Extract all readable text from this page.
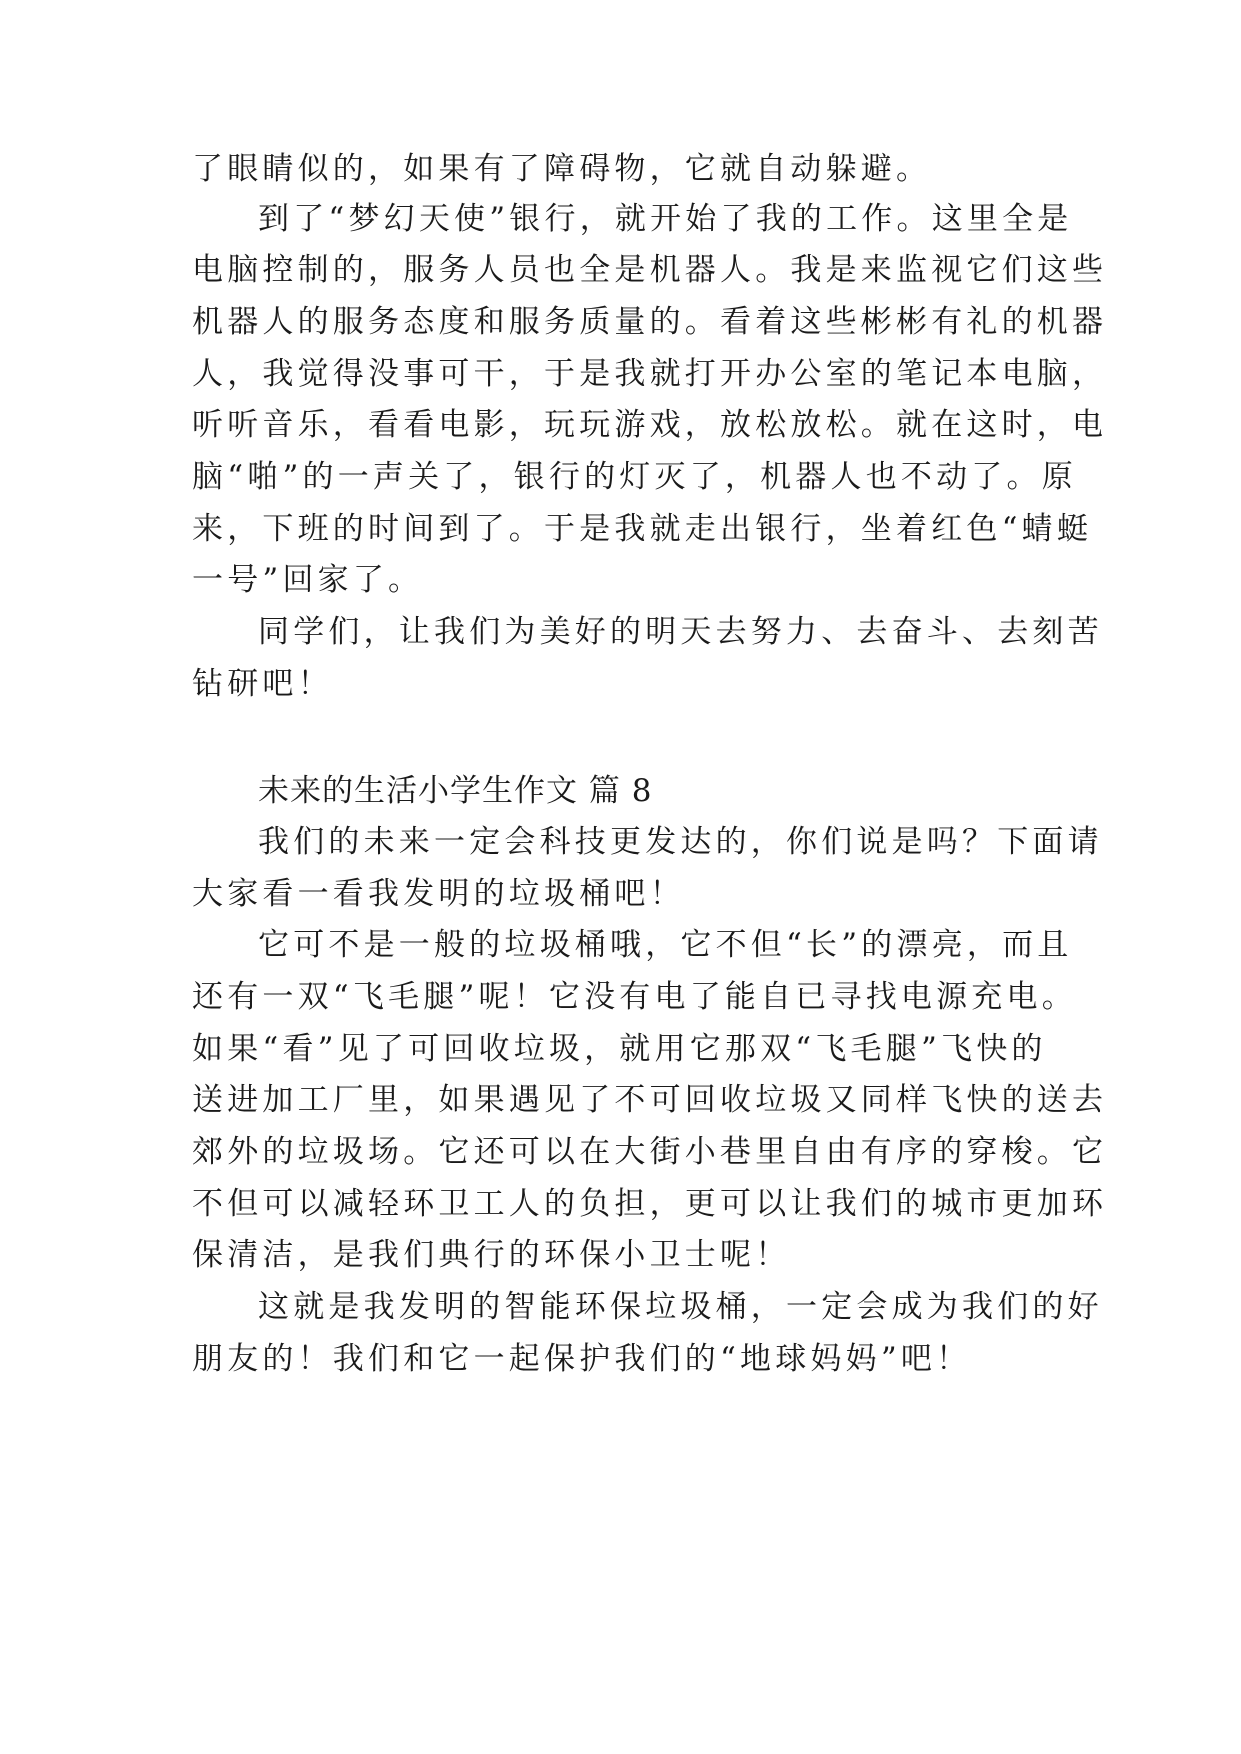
了眼睛似的，如果有了障碍物，它就自动躲避。
到了“梦幻天使”银行，就开始了我的工作。这里全是
电脑控制的，服务人员也全是机器人。我是来监视它们这些
机器人的服务态度和服务质量的。看着这些彬彬有礼的机器
人，我觉得没事可干，于是我就打开办公室的笔记本电脑，
听听音乐，看看电影，玩玩游戏，放松放松。就在这时，电
脑“啪”的一声关了，银行的灯灭了，机器人也不动了。原
来，下班的时间到了。于是我就走出银行，坐着红色“蜻蜓
一号”回家了。
同学们，让我们为美好的明天去努力、去奋斗、去刻苦
钻研吧！
未来的生活小学生作文 篇 8
我们的未来一定会科技更发达的，你们说是吗？下面请
大家看一看我发明的垃圾桶吧！
它可不是一般的垃圾桶哦，它不但“长”的漂亮，而且
还有一双“飞毛腿”呢！它没有电了能自已寻找电源充电。
如果“看”见了可回收垃圾，就用它那双“飞毛腿”飞快的
送进加工厂里，如果遇见了不可回收垃圾又同样飞快的送去
郊外的垃圾场。它还可以在大街小巷里自由有序的穿梭。它
不但可以减轻环卫工人的负担，更可以让我们的城市更加环
保清洁，是我们典行的环保小卫士呢！
这就是我发明的智能环保垃圾桶，一定会成为我们的好
朋友的！我们和它一起保护我们的“地球妈妈”吧！
